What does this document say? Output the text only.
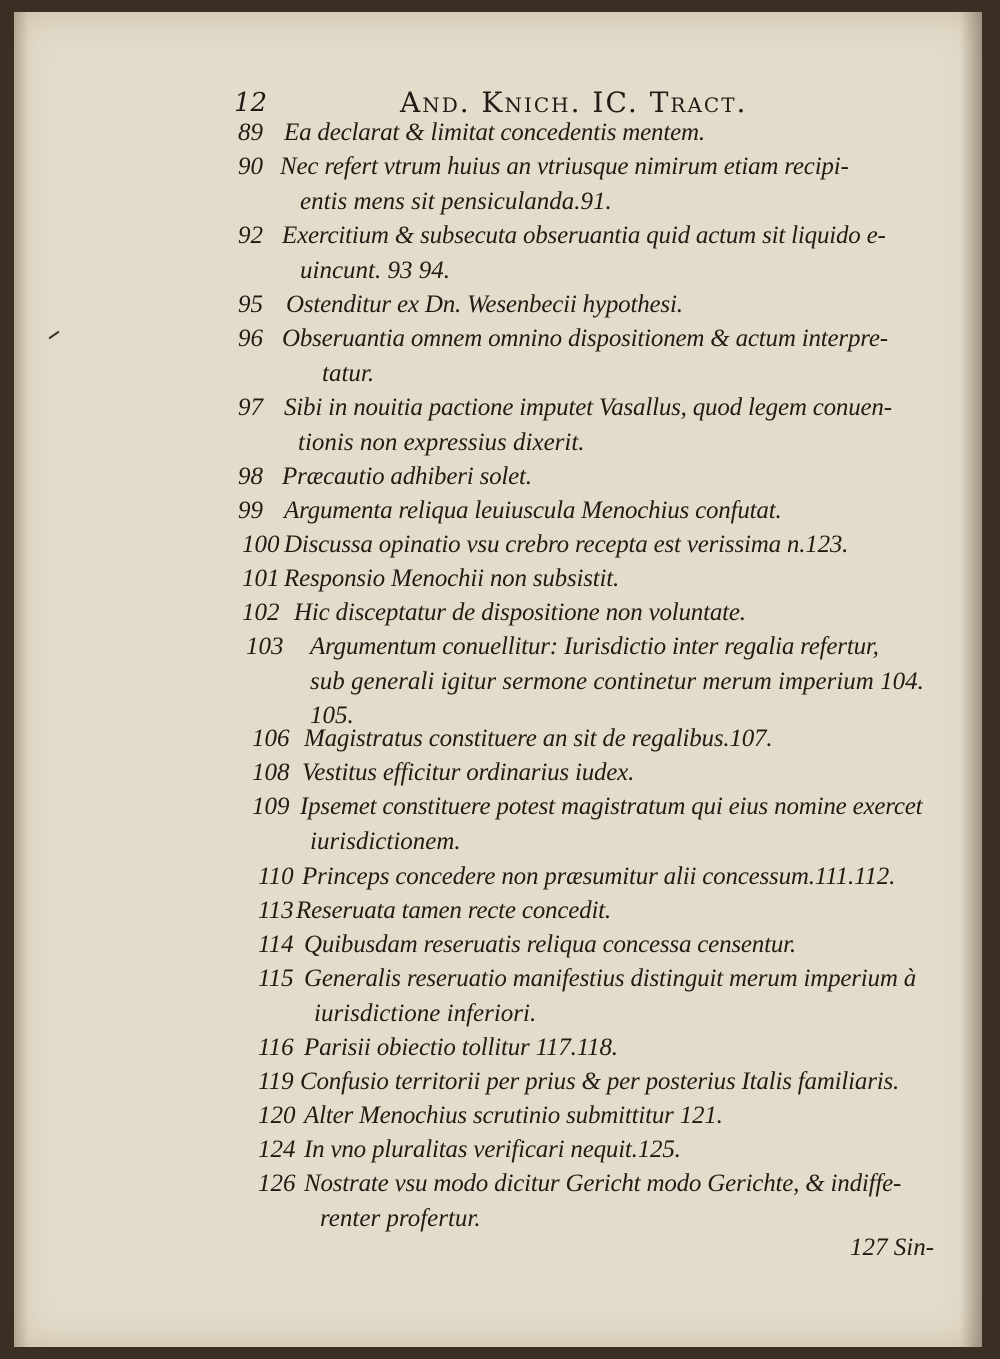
12	And. Knich. IC. Tract.
89 Ea declarat & limitat concedentis mentem.
90 Nec refert vtrum huius an vtriusque nimirum etiam recipi-
entis mens sit pensiculanda.91.
92 Exercitium & subsecuta obseruantia quid actum sit liquido e-
uincunt. 93 94.
95 Ostenditur ex Dn. Wesenbecii hypothesi.
96 Obseruantia omnem omnino dispositionem & actum interpre-
tatur.
97 Sibi in nouitia pactione imputet Vasallus, quod legem conuen-
tionis non expressius dixerit.
98 Præcautio adhiberi solet.
99 Argumenta reliqua leuiuscula Menochius confutat.
100 Discussa opinatio vsu crebro recepta est verissima n.123.
101 Responsio Menochii non subsistit.
102 Hic disceptatur de dispositione non voluntate.
103 Argumentum conuellitur: Iurisdictio inter regalia refertur,
sub generali igitur sermone continetur merum imperium 104.
105.
106 Magistratus constituere an sit de regalibus.107.
108 Vestitus efficitur ordinarius iudex.
109 Ipsemet constituere potest magistratum qui eius nomine exercet
iurisdictionem.
110 Princeps concedere non præsumitur alii concessum.111.112.
113 Reseruata tamen recte concedit.
114 Quibusdam reseruatis reliqua concessa censentur.
115 Generalis reseruatio manifestius distinguit merum imperium à
iurisdictione inferiori.
116 Parisii obiectio tollitur 117.118.
119 Confusio territorii per prius & per posterius Italis familiaris.
120 Alter Menochius scrutinio submittitur 121.
124 In vno pluralitas verificari nequit.125.
126 Nostrate vsu modo dicitur Gericht modo Gerichte, & indiffe-
renter profertur.
127 Sin-
